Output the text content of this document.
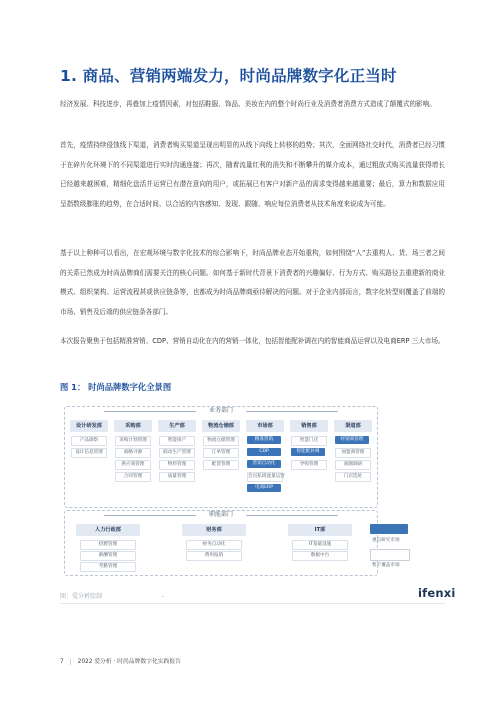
1. 商品、营销两端发力，时尚品牌数字化正当时

经济发展、科技进步，再叠加上疫情因素，对包括鞋服、饰品、美妆在内的整个时尚行业及消费者消费方式造成了颠覆式的影响。

首先，疫情持续侵蚀线下渠道，消费者购买渠道呈现出明显的从线下向线上转移的趋势；其次，全面网络社交时代，消费者已经习惯于在碎片化环境下的不同渠道进行实时沟通连接；再次，随着流量红利的消失和不断攀升的媒介成本，通过粗放式购买流量获得增长已经越来越困难，精细化盘活并运营已有潜在意向的用户，或拓展已有客户对新产品的需求变得越来越重要；最后，算力和数据应用呈指数级膨胀的趋势，在合适时间、以合适的内容感知、发现、跟随、响应每位消费者从技术角度来说成为可能。

基于以上种种可以看出，在宏观环境与数字化技术的综合影响下，时尚品牌业态开始重构，如何围绕“人”去重构人、货、场三者之间的关系已然成为时尚品牌商们需要关注的核心问题。如何基于新时代背景下消费者的兴趣偏好、行为方式、购买路径去重建新的商业模式、组织架构、运营流程甚或供应链条等，也都成为时尚品牌商亟待解决的问题。对于企业内部而言，数字化转型则覆盖了前端的市场、销售及后端的供应链条各部门。

本次报告聚焦于包括精准营销、CDP、营销自动化在内的营销一体化，包括智能配补调在内的智能商品运营以及电商ERP 三大市场。

图 1： 时尚品牌数字化全景图
业务部门
设计研发部
产品调察
设计信息管理
采购部
采购计划管理
战略寻源
供应商管理
合同管理
生产部
智能排产
联动生产管理
物料管理
质量管理
物流仓储部
物流仓储管理
订单管理
配货管理
市场部
精准营销
CDP
营销自动化
会员私域流量运营
电商ERP
销售部
智慧门店
智能配补调
导购管理
渠道部
经销商管理
加盟商管理
商圈调研
门店选址
职能部门
人力行政部
招聘管理
薪酬管理
考勤管理
财务部
财务自动化
费用报销
IT部
IT基础设施
数据中台
重点研究市场
暂不覆盖市场
图：爱分析绘制	.	ifenxi
7 | 2022 爱分析 · 时尚品牌数字化实践报告
